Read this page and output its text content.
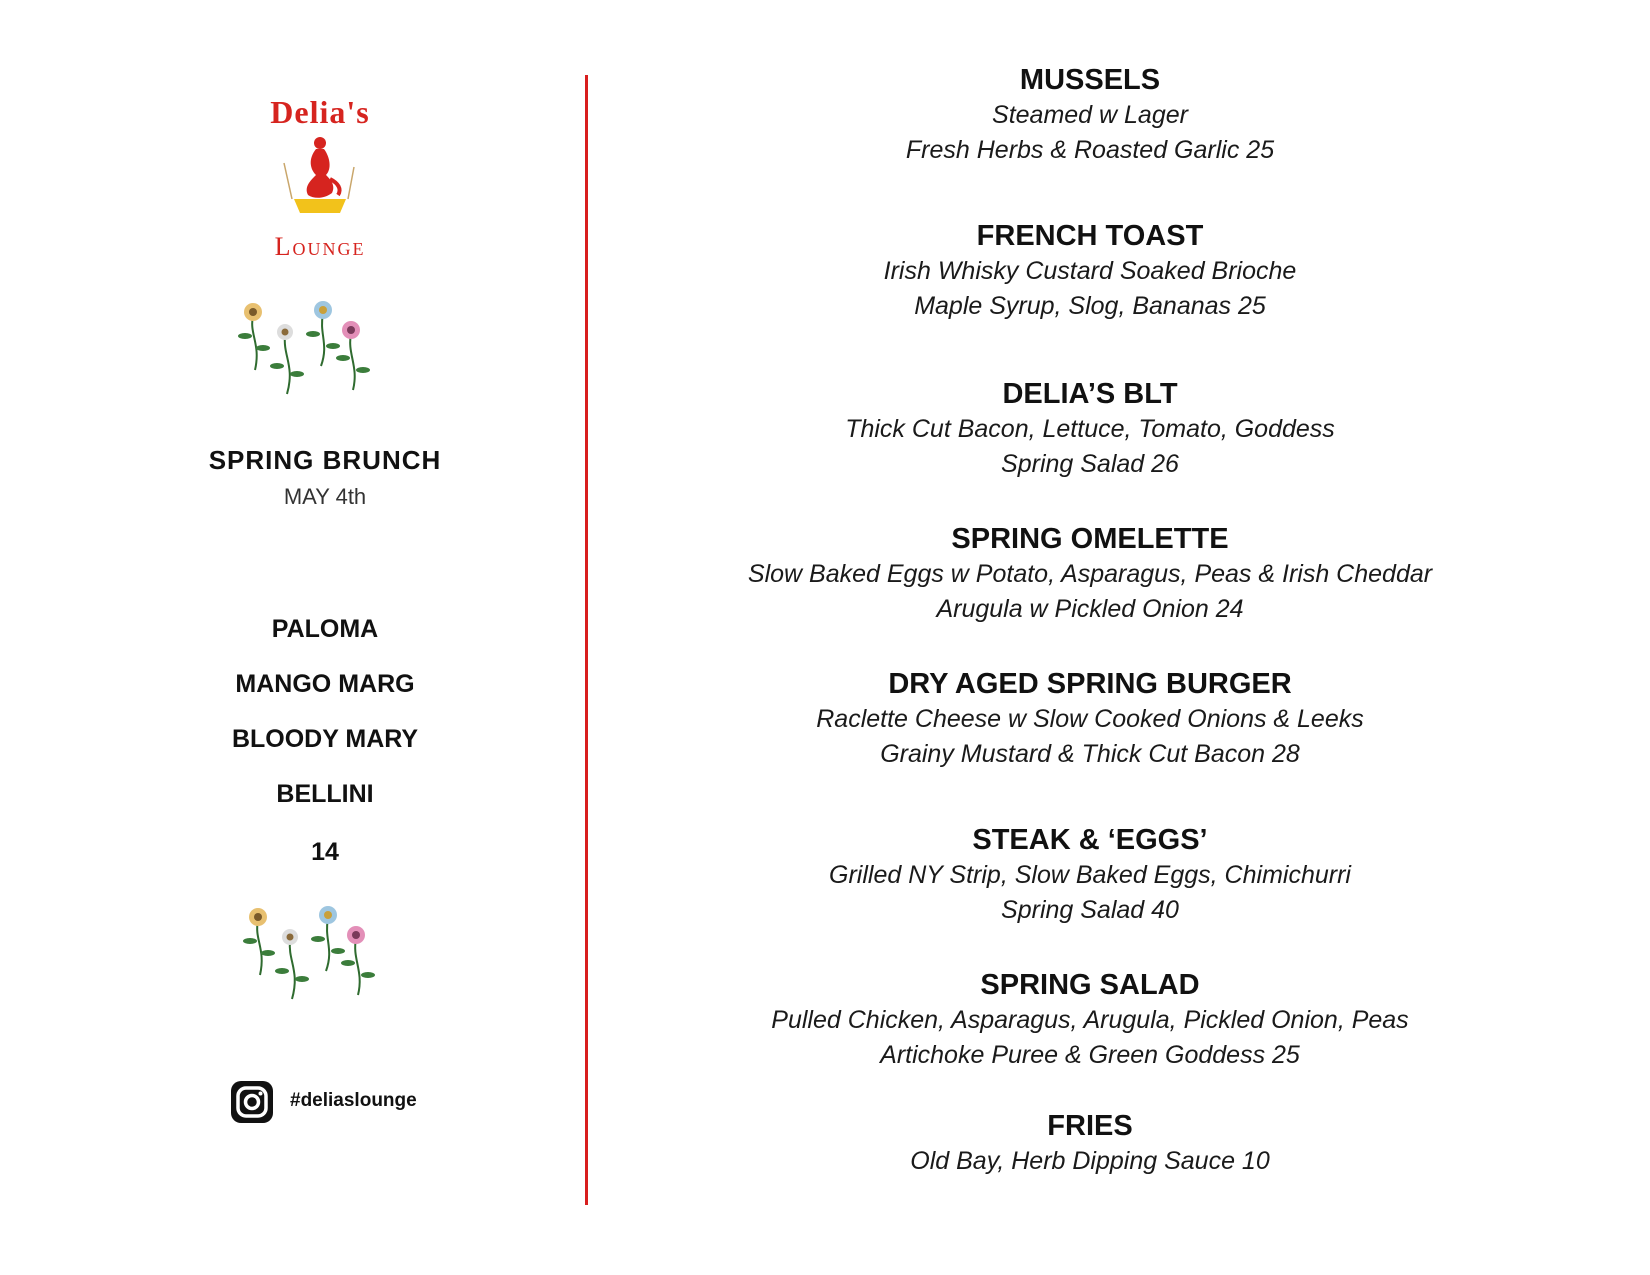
Delia's
Lounge
SPRING BRUNCH
MAY 4th
PALOMA
MANGO MARG
BLOODY MARY
BELLINI
14
#deliaslounge
MUSSELS
Steamed w Lager
Fresh Herbs & Roasted Garlic 25
FRENCH TOAST
Irish Whisky Custard Soaked Brioche
Maple Syrup, Slog, Bananas 25
DELIA’S BLT
Thick Cut Bacon, Lettuce, Tomato, Goddess
Spring Salad 26
SPRING OMELETTE
Slow Baked Eggs w Potato, Asparagus, Peas & Irish Cheddar
Arugula w Pickled Onion 24
DRY AGED SPRING BURGER
Raclette Cheese w Slow Cooked Onions & Leeks
Grainy Mustard & Thick Cut Bacon 28
STEAK & ‘EGGS’
Grilled NY Strip, Slow Baked Eggs, Chimichurri
Spring Salad 40
SPRING SALAD
Pulled Chicken, Asparagus, Arugula, Pickled Onion, Peas
Artichoke Puree & Green Goddess 25
FRIES
Old Bay, Herb Dipping Sauce 10
